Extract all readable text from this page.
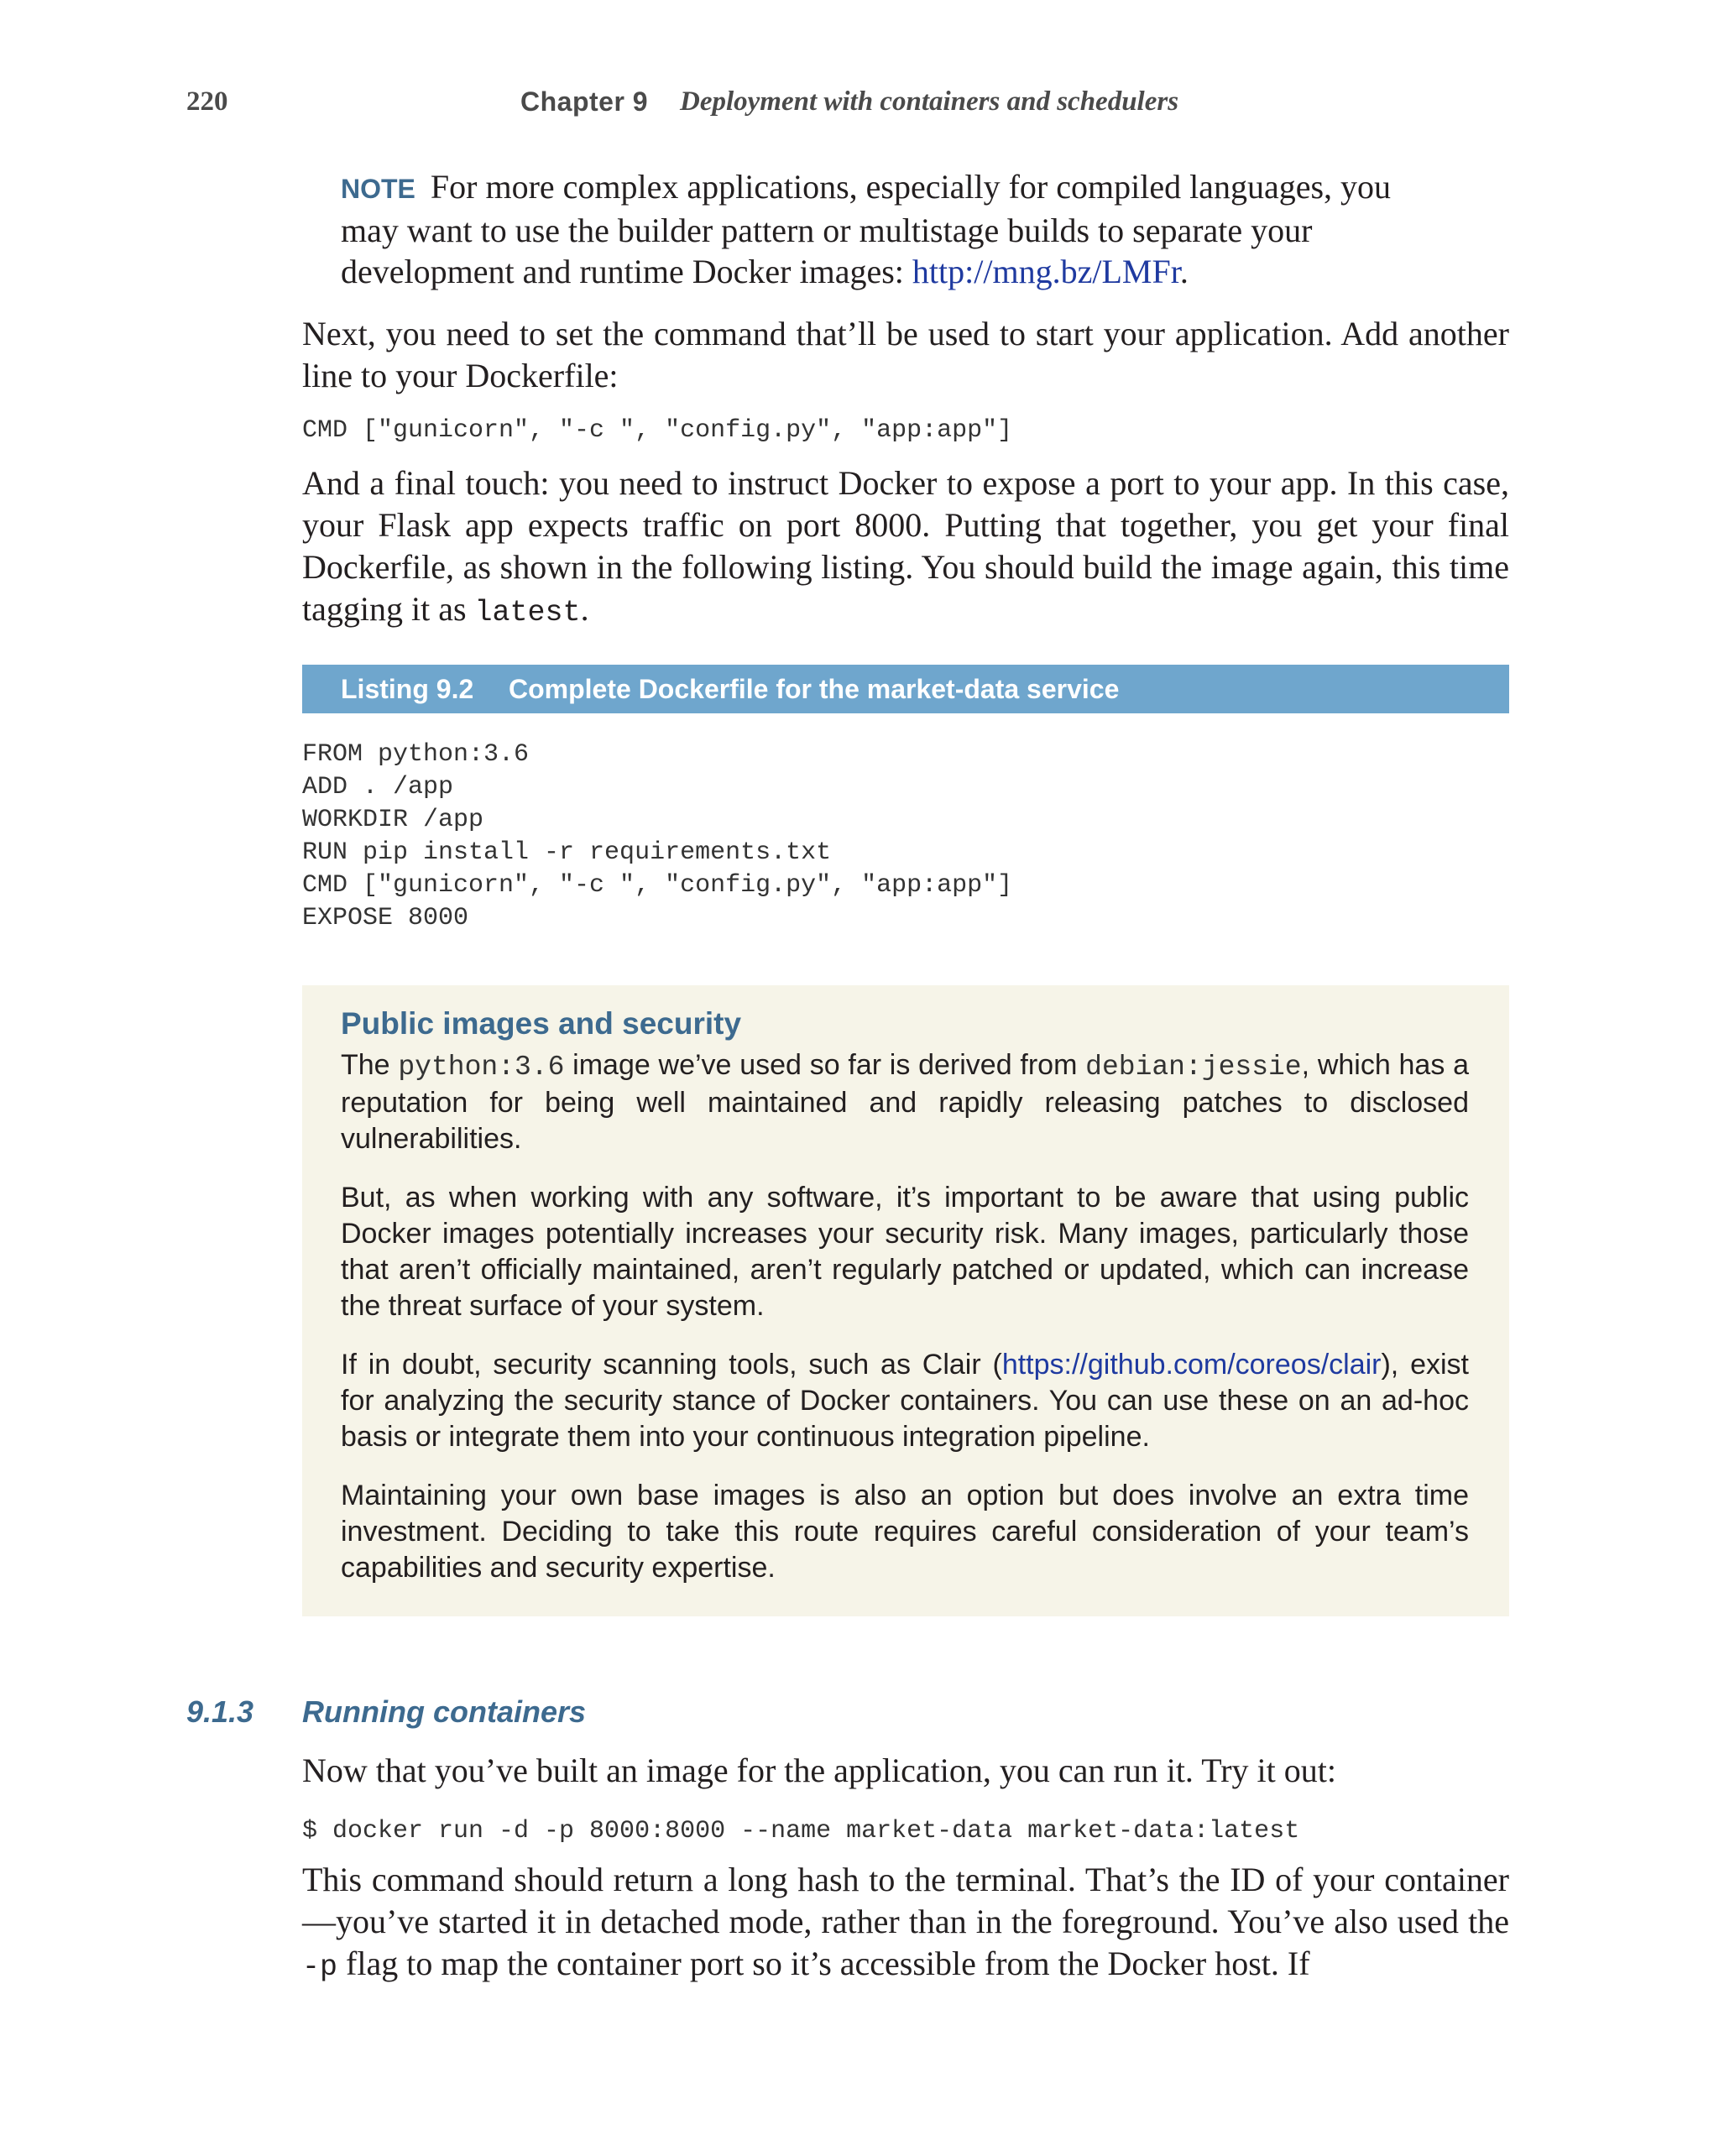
220	Chapter 9 Deployment with containers and schedulers
NOTE For more complex applications, especially for compiled languages, you may want to use the builder pattern or multistage builds to separate your development and runtime Docker images: http://mng.bz/LMFr.
Next, you need to set the command that’ll be used to start your application. Add another line to your Dockerfile:
CMD ["gunicorn", "-c ", "config.py", "app:app"]
And a final touch: you need to instruct Docker to expose a port to your app. In this case, your Flask app expects traffic on port 8000. Putting that together, you get your final Dockerfile, as shown in the following listing. You should build the image again, this time tagging it as latest.
Listing 9.2 Complete Dockerfile for the market-data service
FROM python:3.6
ADD . /app
WORKDIR /app
RUN pip install -r requirements.txt
CMD ["gunicorn", "-c ", "config.py", "app:app"]
EXPOSE 8000
Public images and security

The python:3.6 image we’ve used so far is derived from debian:jessie, which has a reputation for being well maintained and rapidly releasing patches to disclosed vulnerabilities.

But, as when working with any software, it’s important to be aware that using public Docker images potentially increases your security risk. Many images, particularly those that aren’t officially maintained, aren’t regularly patched or updated, which can increase the threat surface of your system.

If in doubt, security scanning tools, such as Clair (https://github.com/coreos/clair), exist for analyzing the security stance of Docker containers. You can use these on an ad-hoc basis or integrate them into your continuous integration pipeline.

Maintaining your own base images is also an option but does involve an extra time investment. Deciding to take this route requires careful consideration of your team’s capabilities and security expertise.

9.1.3 Running containers
Now that you’ve built an image for the application, you can run it. Try it out:
$ docker run -d -p 8000:8000 --name market-data market-data:latest
This command should return a long hash to the terminal. That’s the ID of your container—you’ve started it in detached mode, rather than in the foreground. You’ve also used the -p flag to map the container port so it’s accessible from the Docker host. If
